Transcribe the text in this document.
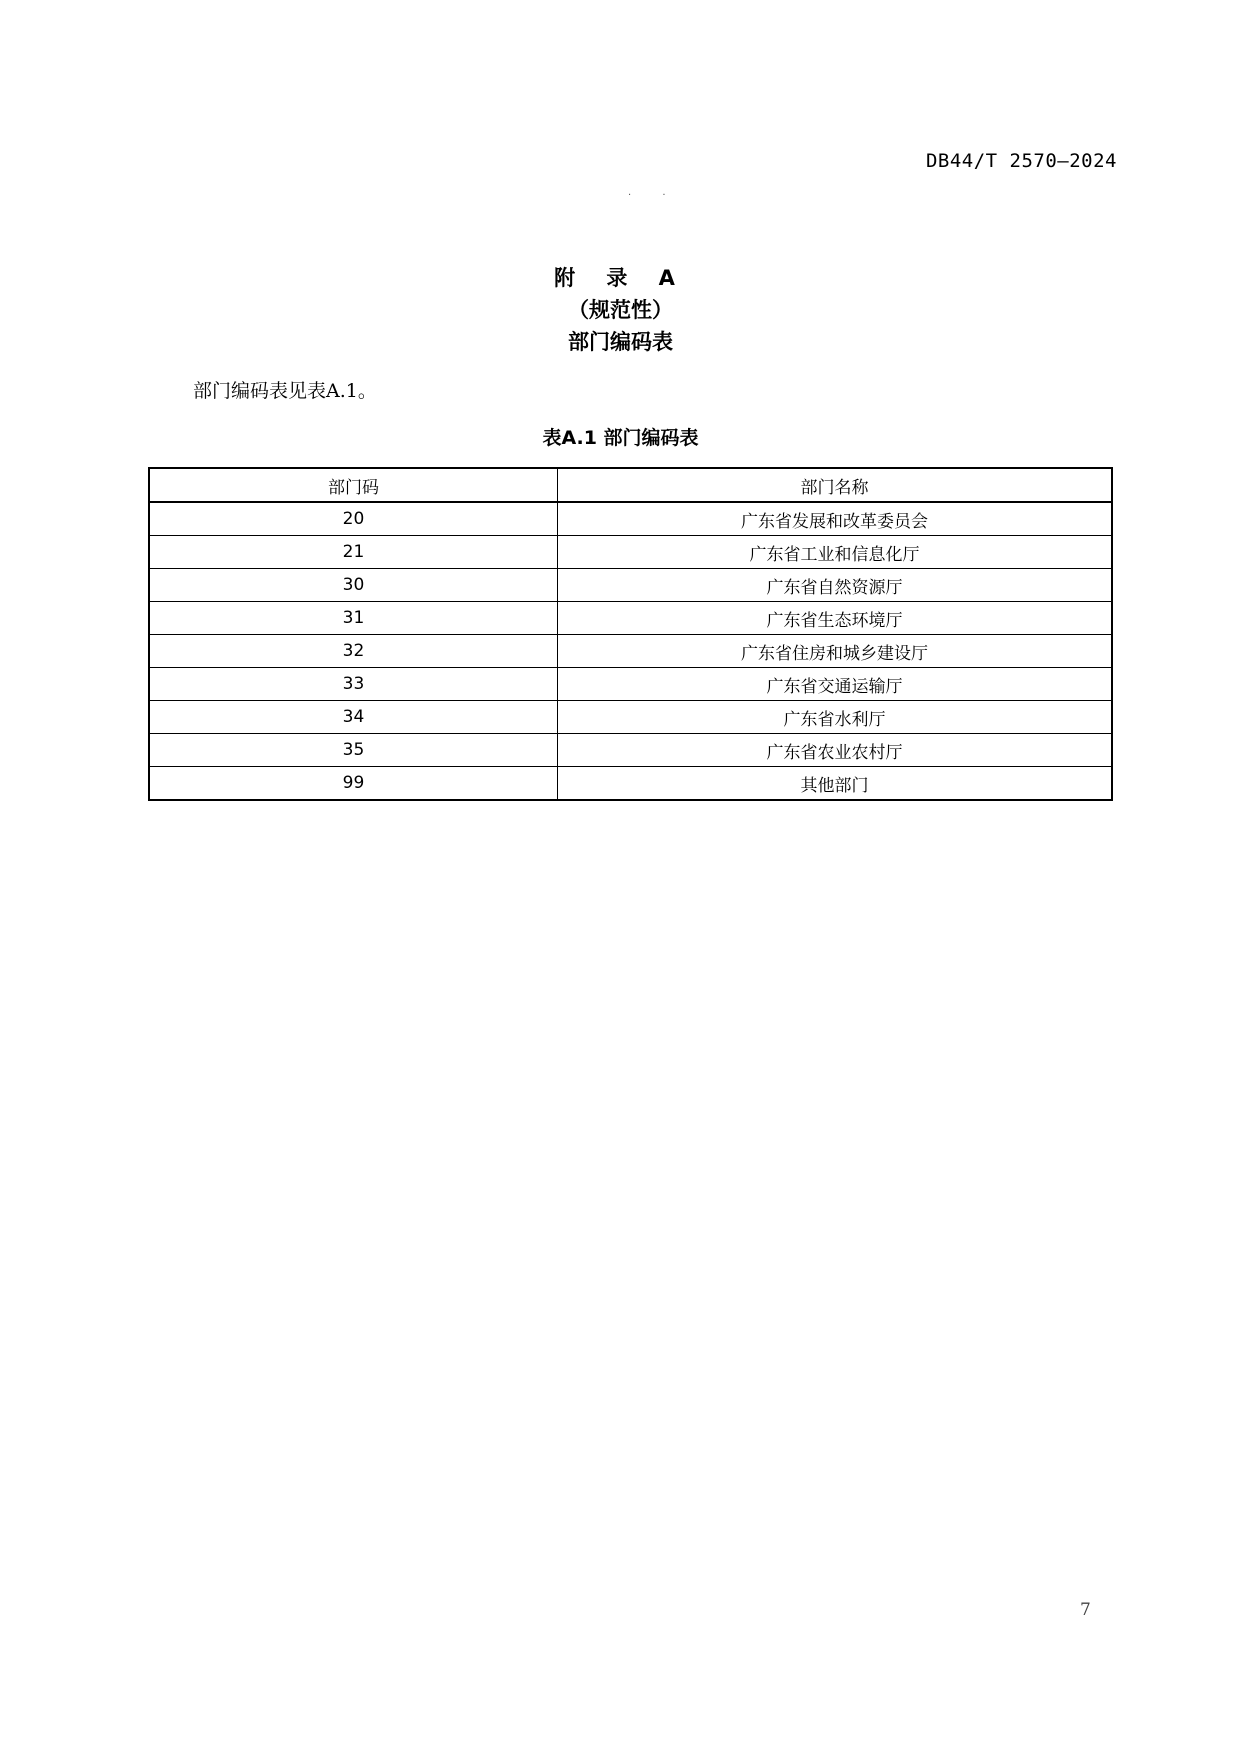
DB44/T 2570—2024
· ·
附 录 A
（规范性）
部门编码表
部门编码表见表A.1。
表A.1 部门编码表
部门码	部门名称
20	广东省发展和改革委员会
21	广东省工业和信息化厅
30	广东省自然资源厅
31	广东省生态环境厅
32	广东省住房和城乡建设厅
33	广东省交通运输厅
34	广东省水利厅
35	广东省农业农村厅
99	其他部门
7
